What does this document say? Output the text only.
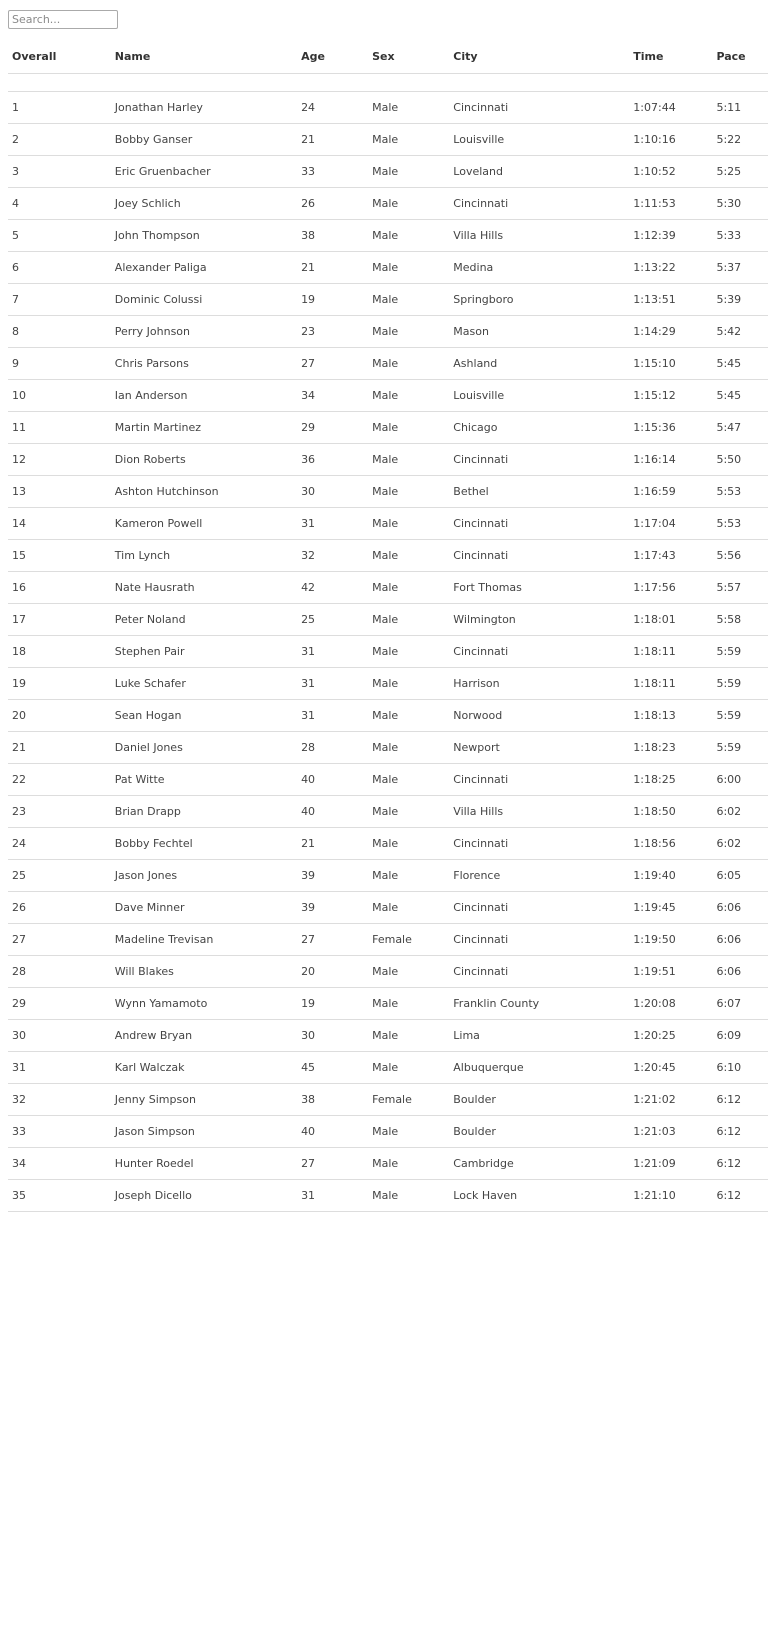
Search...
Overall	Name	Age	Sex	City	Time	Pace

1	Jonathan Harley	24	Male	Cincinnati	1:07:44	5:11
2	Bobby Ganser	21	Male	Louisville	1:10:16	5:22
3	Eric Gruenbacher	33	Male	Loveland	1:10:52	5:25
4	Joey Schlich	26	Male	Cincinnati	1:11:53	5:30
5	John Thompson	38	Male	Villa Hills	1:12:39	5:33
6	Alexander Paliga	21	Male	Medina	1:13:22	5:37
7	Dominic Colussi	19	Male	Springboro	1:13:51	5:39
8	Perry Johnson	23	Male	Mason	1:14:29	5:42
9	Chris Parsons	27	Male	Ashland	1:15:10	5:45
10	Ian Anderson	34	Male	Louisville	1:15:12	5:45
11	Martin Martinez	29	Male	Chicago	1:15:36	5:47
12	Dion Roberts	36	Male	Cincinnati	1:16:14	5:50
13	Ashton Hutchinson	30	Male	Bethel	1:16:59	5:53
14	Kameron Powell	31	Male	Cincinnati	1:17:04	5:53
15	Tim Lynch	32	Male	Cincinnati	1:17:43	5:56
16	Nate Hausrath	42	Male	Fort Thomas	1:17:56	5:57
17	Peter Noland	25	Male	Wilmington	1:18:01	5:58
18	Stephen Pair	31	Male	Cincinnati	1:18:11	5:59
19	Luke Schafer	31	Male	Harrison	1:18:11	5:59
20	Sean Hogan	31	Male	Norwood	1:18:13	5:59
21	Daniel Jones	28	Male	Newport	1:18:23	5:59
22	Pat Witte	40	Male	Cincinnati	1:18:25	6:00
23	Brian Drapp	40	Male	Villa Hills	1:18:50	6:02
24	Bobby Fechtel	21	Male	Cincinnati	1:18:56	6:02
25	Jason Jones	39	Male	Florence	1:19:40	6:05
26	Dave Minner	39	Male	Cincinnati	1:19:45	6:06
27	Madeline Trevisan	27	Female	Cincinnati	1:19:50	6:06
28	Will Blakes	20	Male	Cincinnati	1:19:51	6:06
29	Wynn Yamamoto	19	Male	Franklin County	1:20:08	6:07
30	Andrew Bryan	30	Male	Lima	1:20:25	6:09
31	Karl Walczak	45	Male	Albuquerque	1:20:45	6:10
32	Jenny Simpson	38	Female	Boulder	1:21:02	6:12
33	Jason Simpson	40	Male	Boulder	1:21:03	6:12
34	Hunter Roedel	27	Male	Cambridge	1:21:09	6:12
35	Joseph Dicello	31	Male	Lock Haven	1:21:10	6:12
